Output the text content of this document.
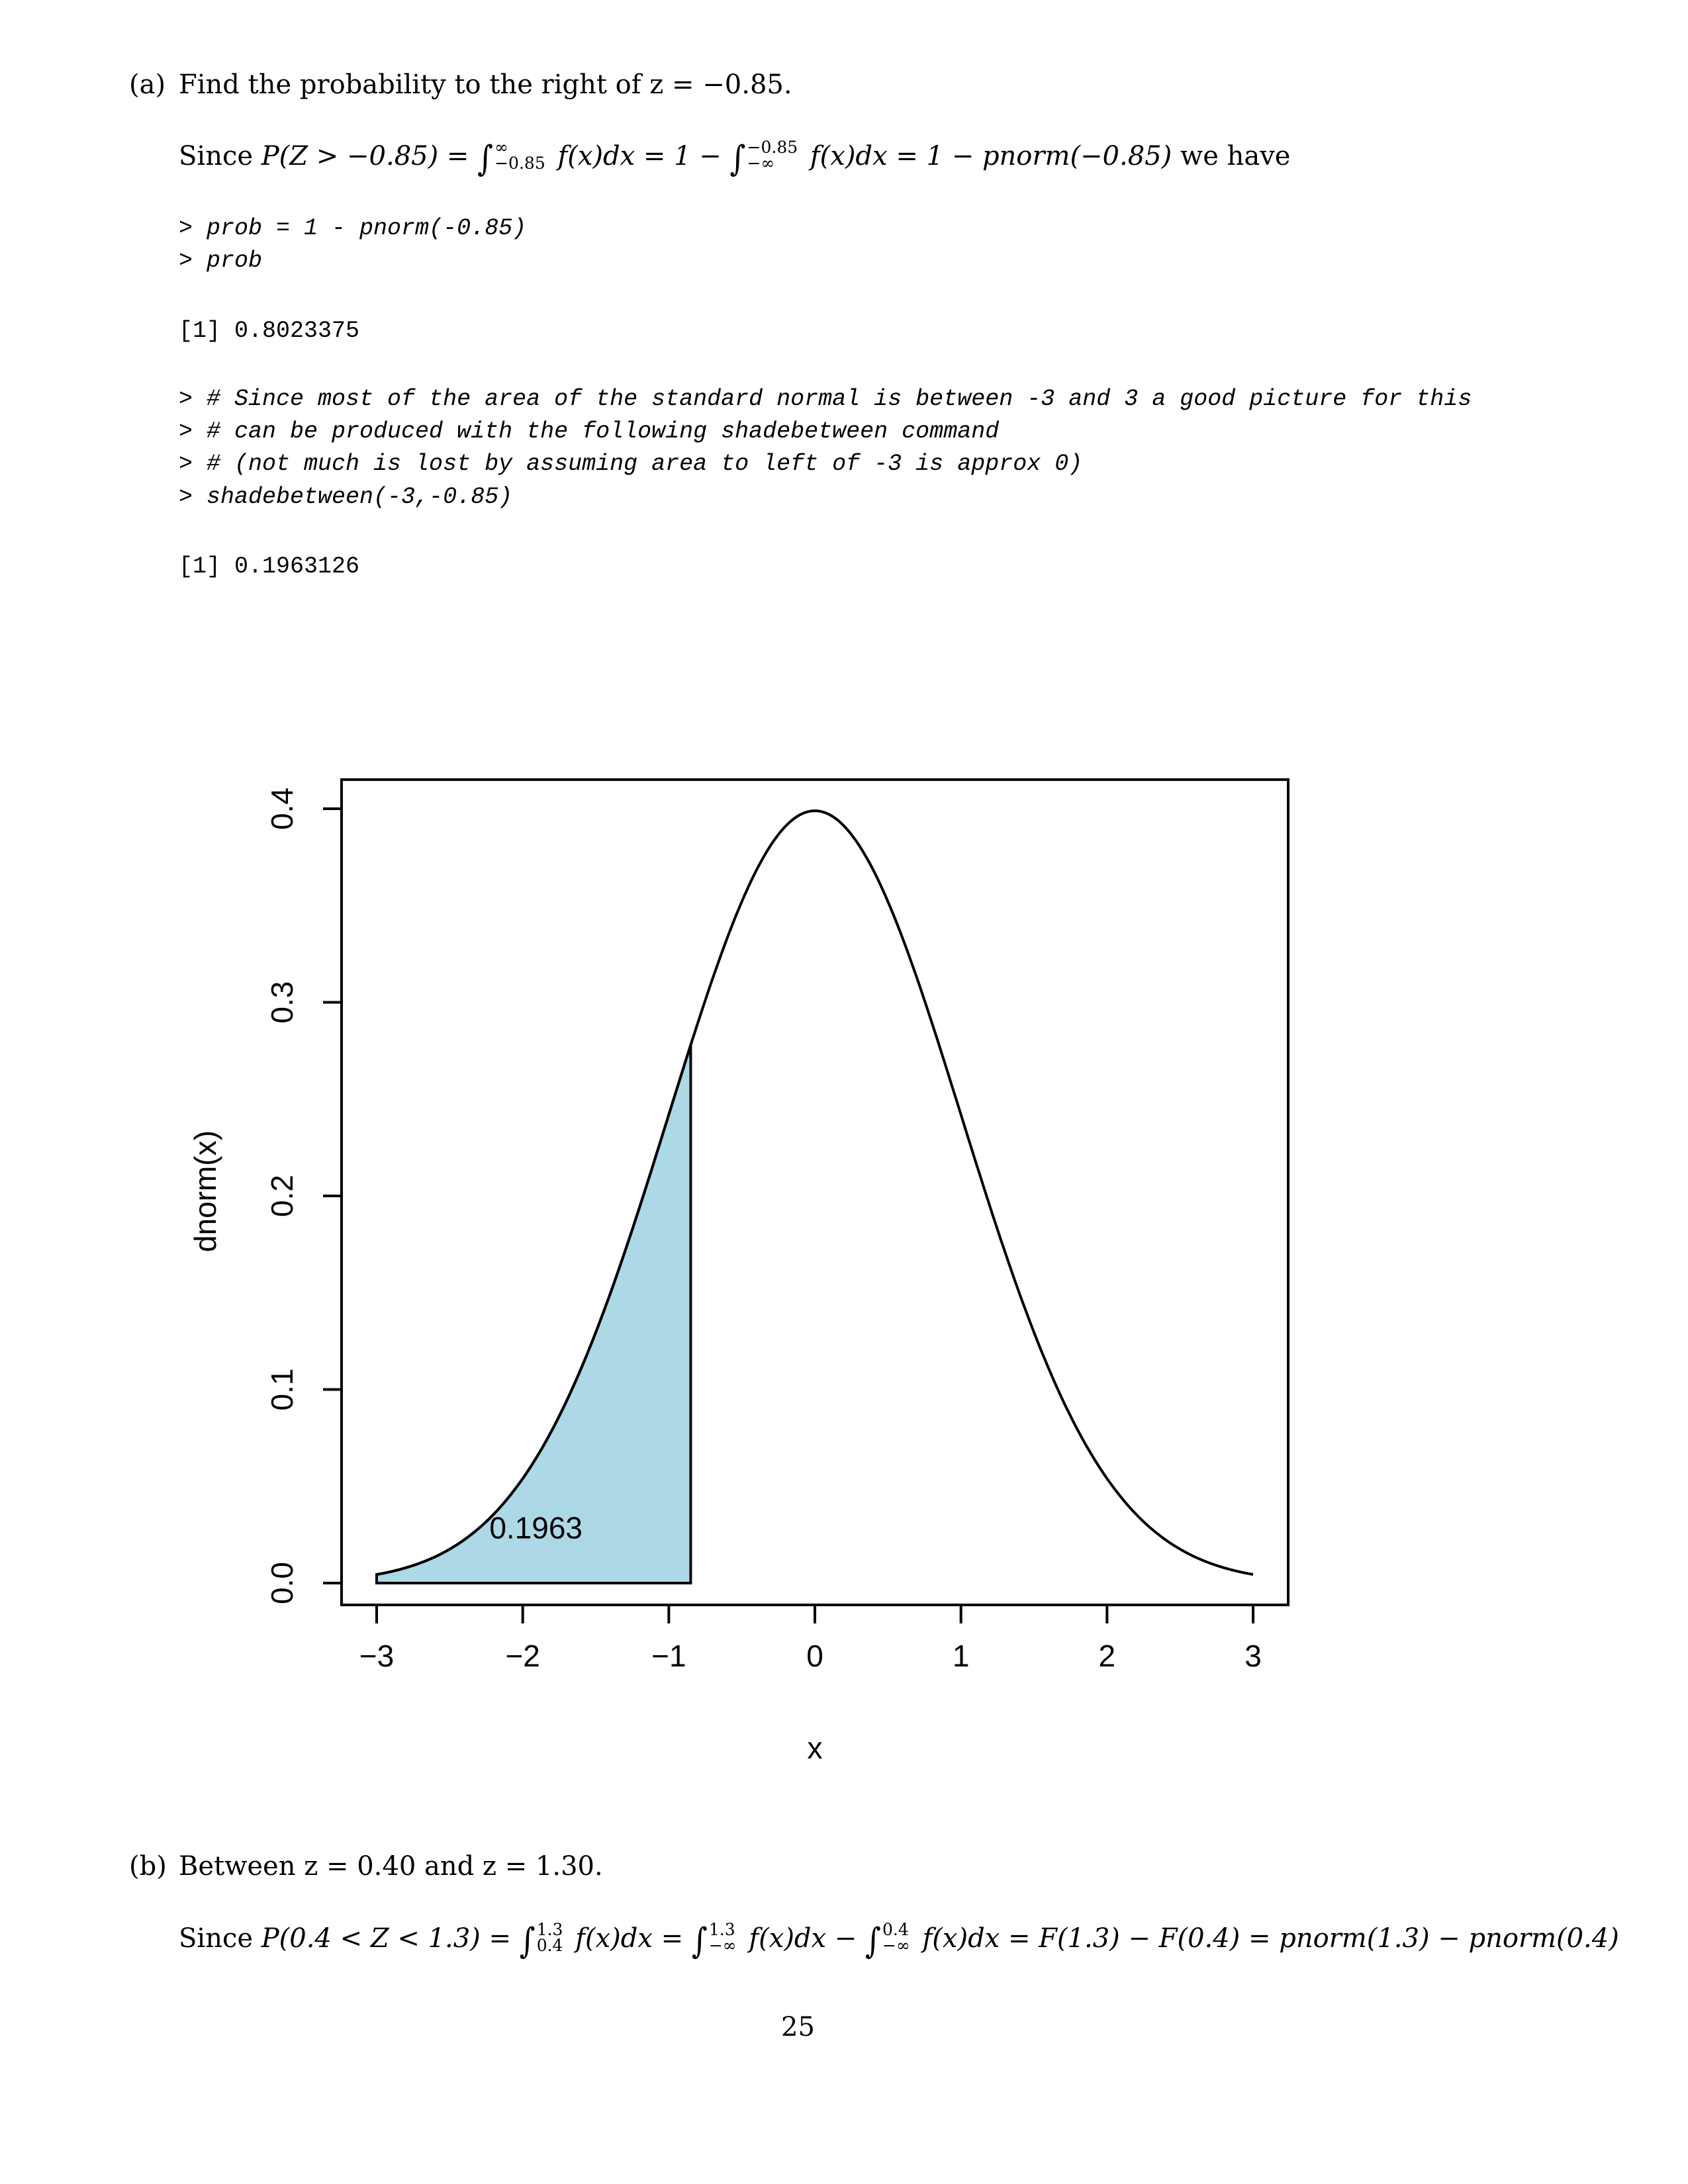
(a) Find the probability to the right of z = −0.85.
Since P(Z > −0.85) = ∫ ∞
−0.85 f(x)dx = 1 − ∫ −0.85
−∞	f(x)dx = 1 − pnorm(−0.85) we have
> prob = 1 - pnorm(-0.85)
> prob
[1] 0.8023375
> # Since most of the area of the standard normal is between -3 and 3 a good picture for this
> # can be produced with the following shadebetween command
> # (not much is lost by assuming area to left of -3 is approx 0)
> shadebetween(-3,-0.85)
[1] 0.1963126
−3	−2	−1	0	1	2	3
0.0
0.1
0.2
0.3
0.4
0.1963
x
dnorm(x)
(b) Between z = 0.40 and z = 1.30.
Since P(0.4 < Z < 1.3) = ∫ 1.3
0.4 f(x)dx = ∫ 1.3
−∞ f(x)dx − ∫ 0.4
−∞ f(x)dx = F(1.3) − F(0.4) = pnorm(1.3) − pnorm(0.4)
25
